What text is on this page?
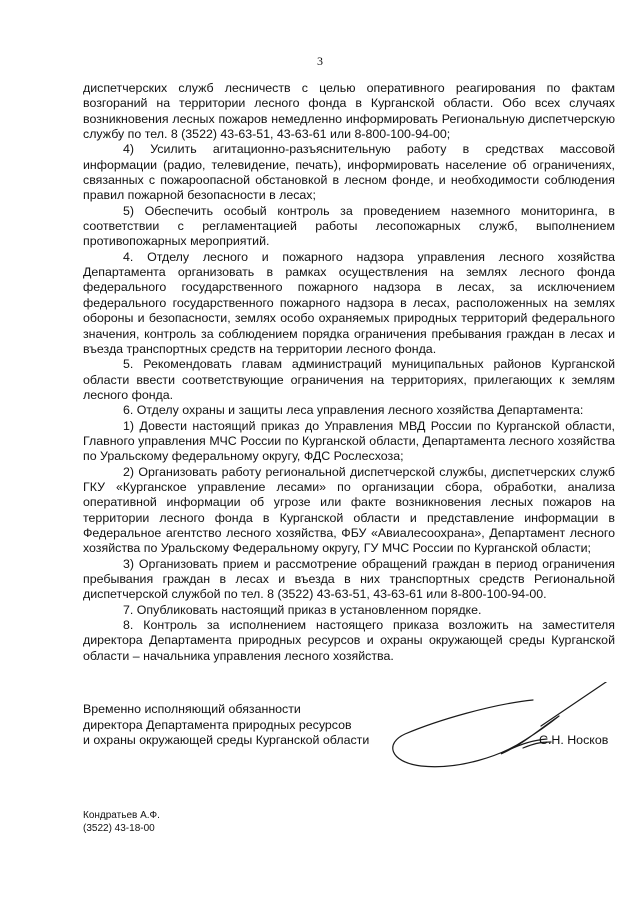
3

диспетчерских служб лесничеств с целью оперативного реагирования по фактам возгораний на территории лесного фонда в Курганской области. Обо всех случаях возникновения лесных пожаров немедленно информировать Региональную диспетчерскую службу по тел. 8 (3522) 43-63-51, 43-63-61 или 8-800-100-94-00;

4) Усилить агитационно-разъяснительную работу в средствах массовой информации (радио, телевидение, печать), информировать население об ограничениях, связанных с пожароопасной обстановкой в лесном фонде, и необходимости соблюдения правил пожарной безопасности в лесах;

5) Обеспечить особый контроль за проведением наземного мониторинга, в соответствии с регламентацией работы лесопожарных служб, выполнением противопожарных мероприятий.

4. Отделу лесного и пожарного надзора управления лесного хозяйства Департамента организовать в рамках осуществления на землях лесного фонда федерального государственного пожарного надзора в лесах, за исключением федерального государственного пожарного надзора в лесах, расположенных на землях обороны и безопасности, землях особо охраняемых природных территорий федерального значения, контроль за соблюдением порядка ограничения пребывания граждан в лесах и въезда транспортных средств на территории лесного фонда.

5. Рекомендовать главам администраций муниципальных районов Курганской области ввести соответствующие ограничения на территориях, прилегающих к землям лесного фонда.

6. Отделу охраны и защиты леса управления лесного хозяйства Департамента:

1) Довести настоящий приказ до Управления МВД России по Курганской области, Главного управления МЧС России по Курганской области, Департамента лесного хозяйства по Уральскому федеральному округу, ФДС Рослесхоза;

2) Организовать работу региональной диспетчерской службы, диспетчерских служб ГКУ «Курганское управление лесами» по организации сбора, обработки, анализа оперативной информации об угрозе или факте возникновения лесных пожаров на территории лесного фонда в Курганской области и представление информации в Федеральное агентство лесного хозяйства, ФБУ «Авиалесоохрана», Департамент лесного хозяйства по Уральскому Федеральному округу, ГУ МЧС России по Курганской области;

3) Организовать прием и рассмотрение обращений граждан в период ограничения пребывания граждан в лесах и въезда в них транспортных средств Региональной диспетчерской службой по тел. 8 (3522) 43-63-51, 43-63-61 или 8-800-100-94-00.

7. Опубликовать настоящий приказ в установленном порядке.

8. Контроль за исполнением настоящего приказа возложить на заместителя директора Департамента природных ресурсов и охраны окружающей среды Курганской области – начальника управления лесного хозяйства.

Временно исполняющий обязанности
директора Департамента природных ресурсов
и охраны окружающей среды Курганской области	С.Н. Носков
Кондратьев А.Ф.
(3522) 43-18-00
